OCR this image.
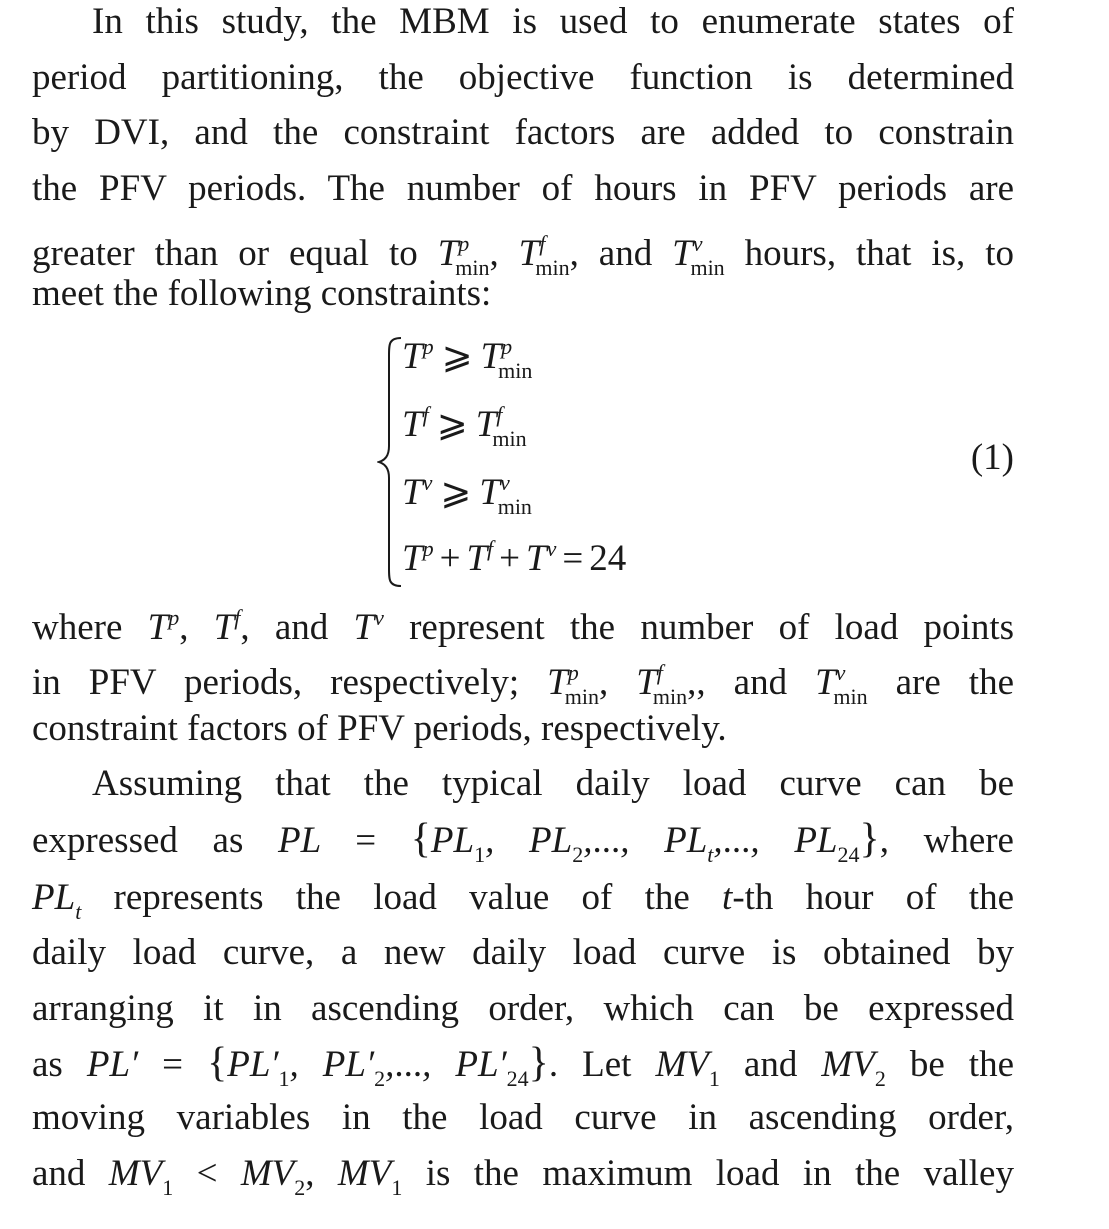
In this study, the MBM is used to enumerate states of
period partitioning, the objective function is determined
by DVI, and the constraint factors are added to constrain
the PFV periods. The number of hours in PFV periods are
greater than or equal to $T^p_{min}$, $T^f_{min}$, and $T^v_{min}$ hours, that is, to
meet the following constraints:
$T^p$ ⩾ $T^p_{min}$
$T^f$ ⩾ $T^f_{min}$
$T^v$ ⩾ $T^v_{min}$
$T^p + T^f + T^v = 24$
(1)
where $T^p$, $T^f$, and $T^v$ represent the number of load points
in PFV periods, respectively; $T^p_{min}$, $T^f_{min}$,, and $T^v_{min}$ are the
constraint factors of PFV periods, respectively.
Assuming that the typical daily load curve can be
expressed as PL = {$PL_1$, $PL_2$,..., $PL_t$,..., $PL_{24}$}, where
$PL_t$ represents the load value of the t-th hour of the
daily load curve, a new daily load curve is obtained by
arranging it in ascending order, which can be expressed
as $PL' = \{PL'_1$, $PL'_2$,..., $PL'_{24}$}. Let $MV_1$ and $MV_2$ be the
moving variables in the load curve in ascending order,
and $MV_1 < MV_2$, $MV_1$ is the maximum load in the valley
